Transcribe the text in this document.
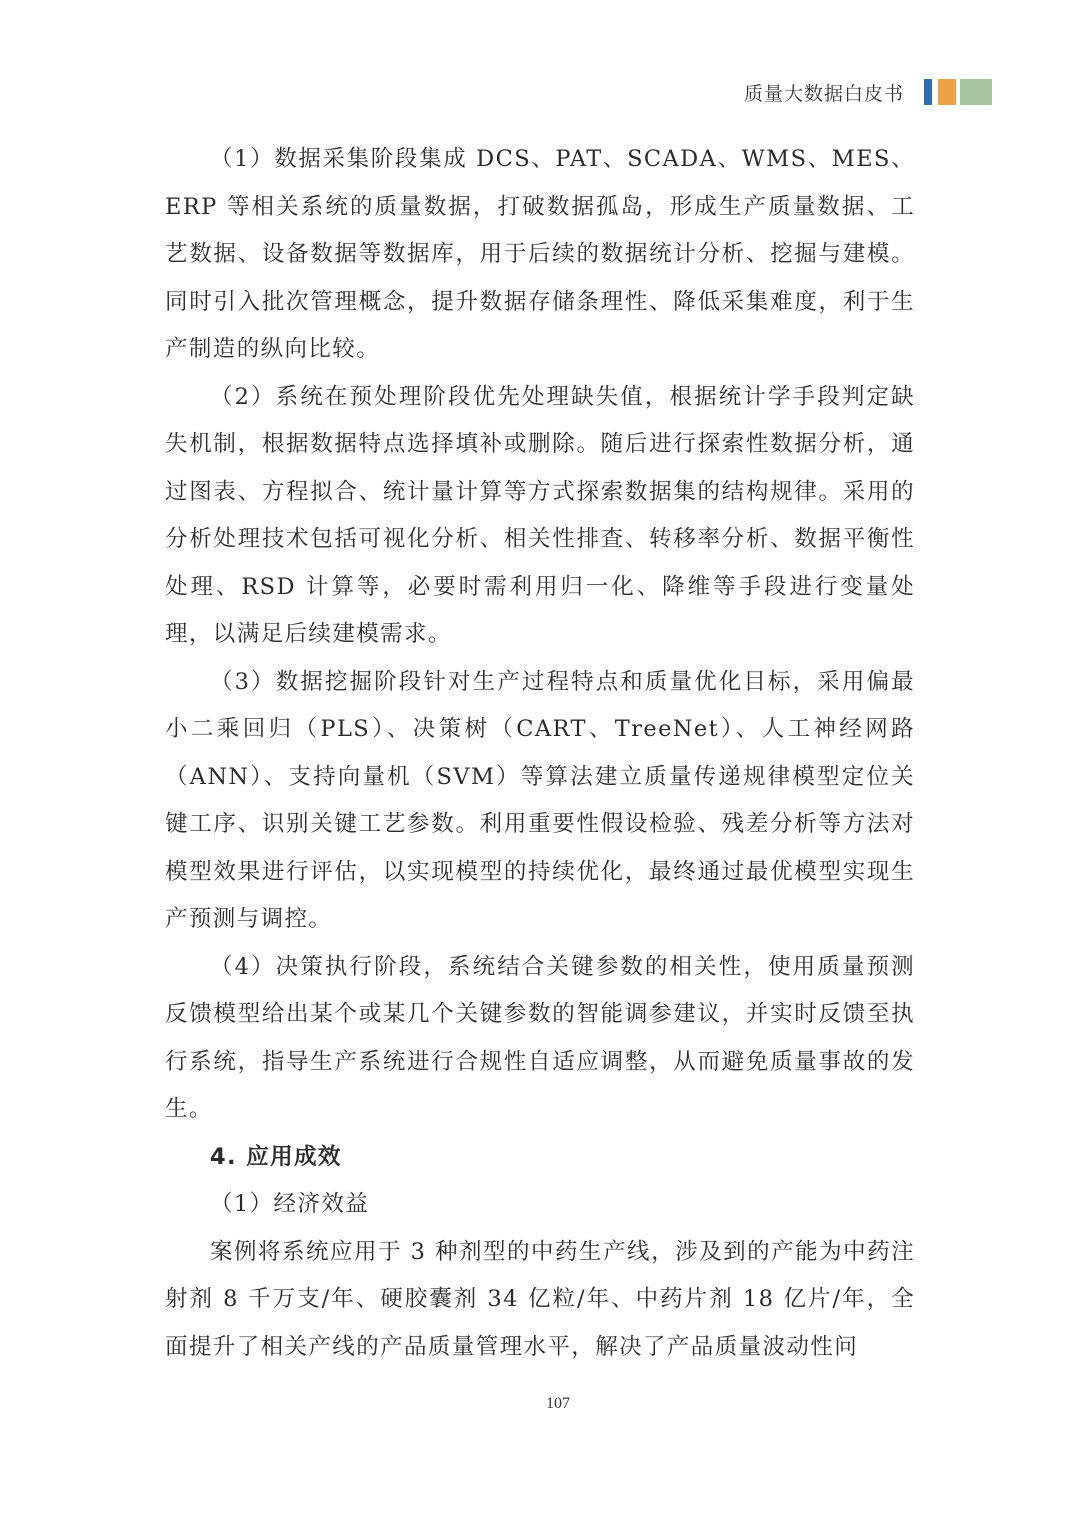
质量大数据白皮书

（1）数据采集阶段集成 DCS、PAT、SCADA、WMS、MES、ERP 等相关系统的质量数据，打破数据孤岛，形成生产质量数据、工艺数据、设备数据等数据库，用于后续的数据统计分析、挖掘与建模。同时引入批次管理概念，提升数据存储条理性、降低采集难度，利于生产制造的纵向比较。

（2）系统在预处理阶段优先处理缺失值，根据统计学手段判定缺失机制，根据数据特点选择填补或删除。随后进行探索性数据分析，通过图表、方程拟合、统计量计算等方式探索数据集的结构规律。采用的分析处理技术包括可视化分析、相关性排查、转移率分析、数据平衡性处理、RSD 计算等，必要时需利用归一化、降维等手段进行变量处理，以满足后续建模需求。

（3）数据挖掘阶段针对生产过程特点和质量优化目标，采用偏最小二乘回归（PLS）、决策树（CART、TreeNet）、人工神经网路（ANN）、支持向量机（SVM）等算法建立质量传递规律模型定位关键工序、识别关键工艺参数。利用重要性假设检验、残差分析等方法对模型效果进行评估，以实现模型的持续优化，最终通过最优模型实现生产预测与调控。

（4）决策执行阶段，系统结合关键参数的相关性，使用质量预测反馈模型给出某个或某几个关键参数的智能调参建议，并实时反馈至执行系统，指导生产系统进行合规性自适应调整，从而避免质量事故的发生。

4. 应用成效

（1）经济效益

案例将系统应用于 3 种剂型的中药生产线，涉及到的产能为中药注射剂 8 千万支/年、硬胶囊剂 34 亿粒/年、中药片剂 18 亿片/年，全面提升了相关产线的产品质量管理水平，解决了产品质量波动性问

107
